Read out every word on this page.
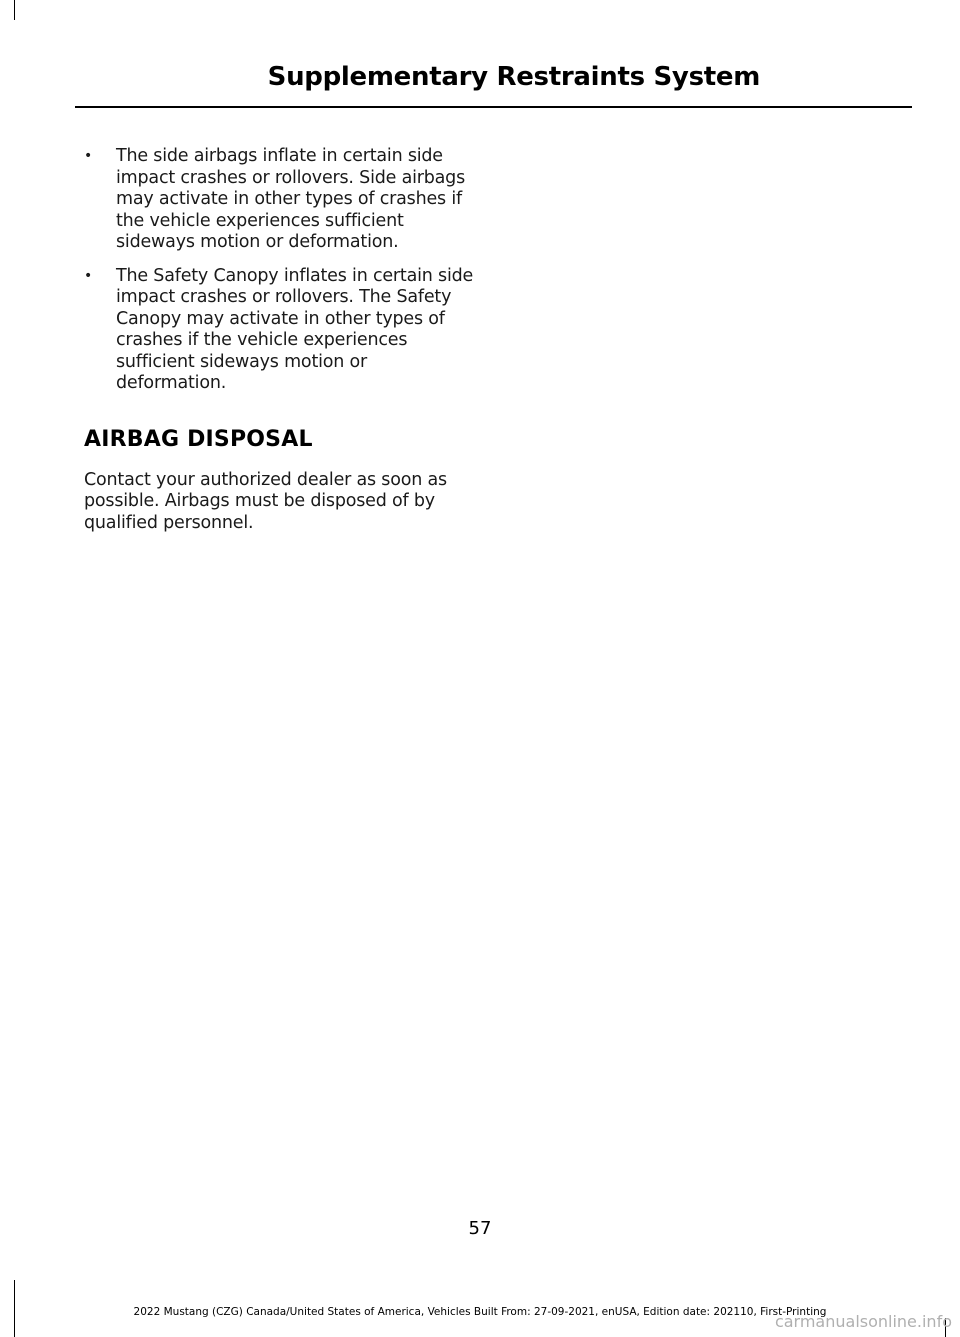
Supplementary Restraints System
• The side airbags inflate in certain side impact crashes or rollovers. Side airbags may activate in other types of crashes if the vehicle experiences sufficient sideways motion or deformation.
• The Safety Canopy inflates in certain side impact crashes or rollovers. The Safety Canopy may activate in other types of crashes if the vehicle experiences sufficient sideways motion or deformation.
AIRBAG DISPOSAL

Contact your authorized dealer as soon as possible. Airbags must be disposed of by qualified personnel.

57
2022 Mustang (CZG) Canada/United States of America, Vehicles Built From: 27-09-2021, enUSA, Edition date: 202110, First-Printing
carmanualsonline.info
